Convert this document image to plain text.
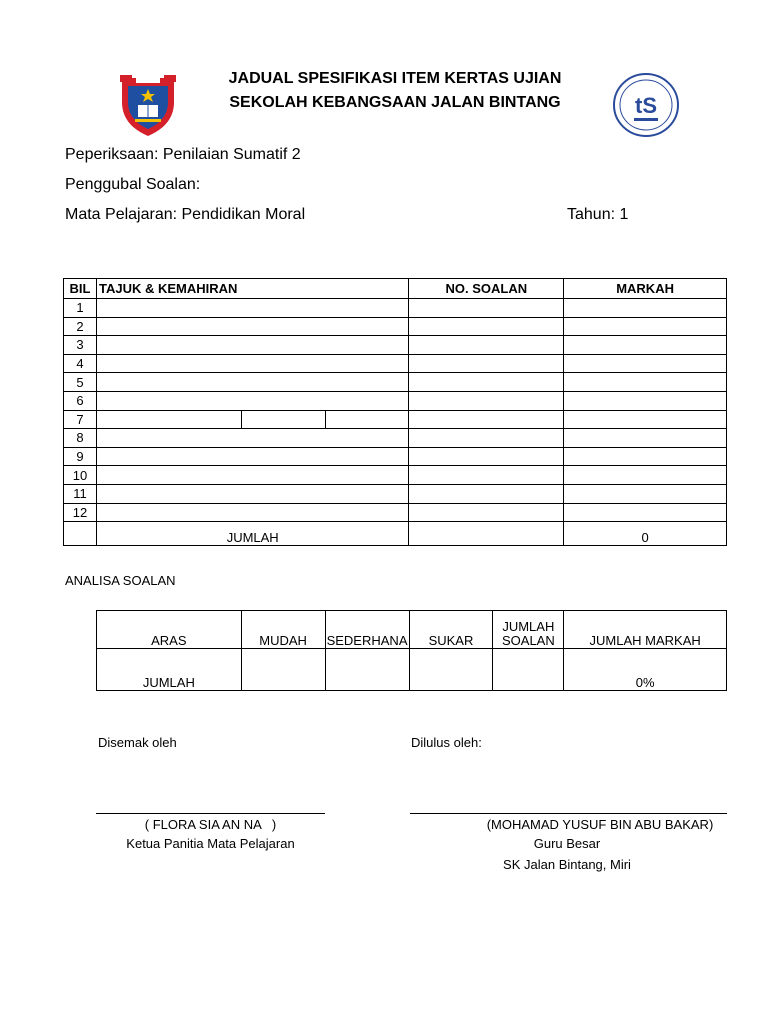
tS
JADUAL SPESIFIKASI ITEM KERTAS UJIAN
SEKOLAH KEBANGSAAN JALAN BINTANG
Peperiksaan: Penilaian Sumatif 2
Penggubal Soalan:
Mata Pelajaran: Pendidikan Moral	Tahun: 1
BIL	TAJUK & KEMAHIRAN			NO. SOALAN	MARKAH
1					
2					
3					
4					
5					
6					
7					
8					
9					
10					
11					
12					
	JUMLAH				0
ANALISA SOALAN
ARAS	MUDAH	SEDERHANA	SUKAR	JUMLAH SOALAN	JUMLAH MARKAH
JUMLAH					0%
Disemak oleh	Dilulus oleh:
( FLORA SIA AN NA   )
Ketua Panitia Mata Pelajaran
(MOHAMAD YUSUF BIN ABU BAKAR)
Guru Besar
SK Jalan Bintang, Miri
